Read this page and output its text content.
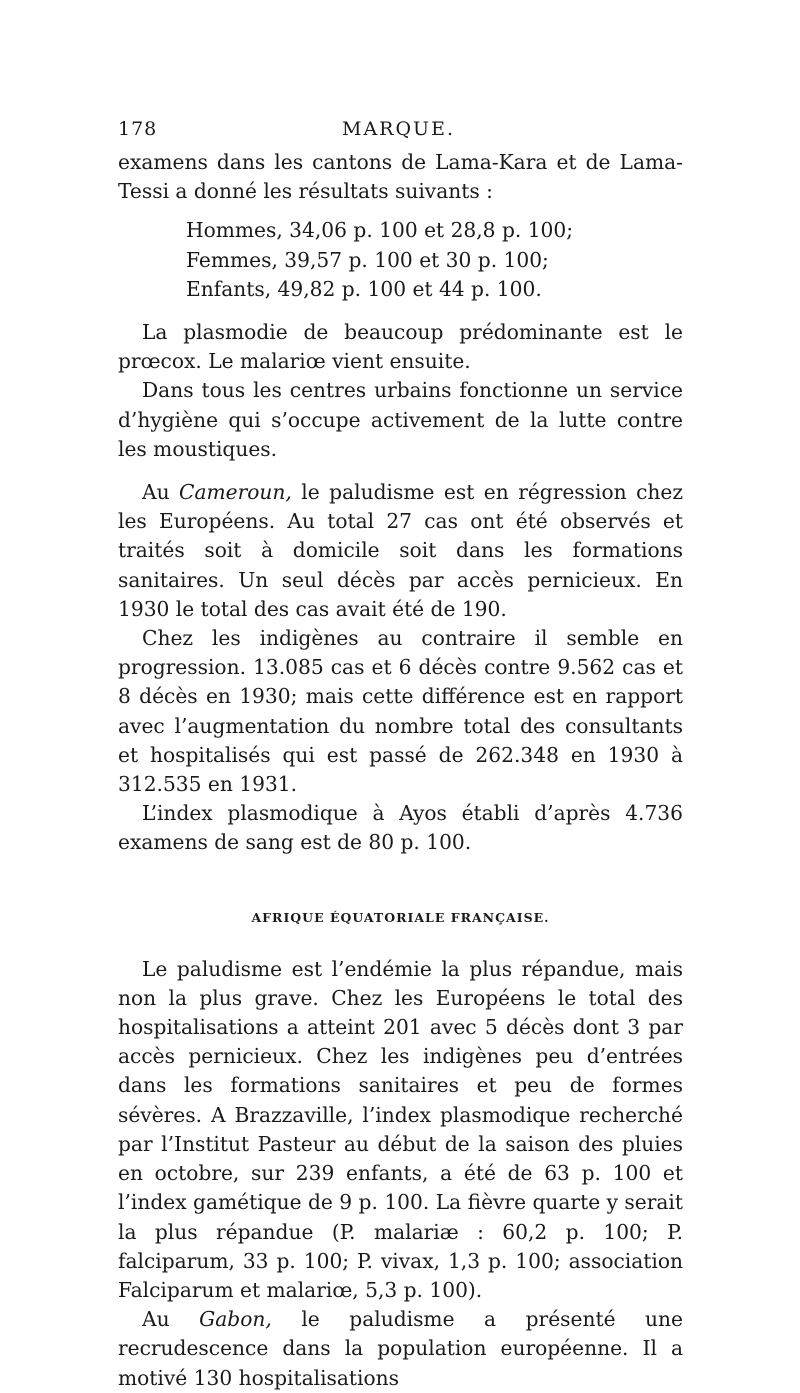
178	MARQUE.

examens dans les cantons de Lama-Kara et de Lama-Tessi a donné les résultats suivants :

Hommes, 34,06 p. 100 et 28,8 p. 100;
Femmes, 39,57 p. 100 et 30 p. 100;
Enfants, 49,82 p. 100 et 44 p. 100.

La plasmodie de beaucoup prédominante est le prœcox. Le malariœ vient ensuite.

Dans tous les centres urbains fonctionne un service d’hygiène qui s’occupe activement de la lutte contre les moustiques.

Au Cameroun, le paludisme est en régression chez les Européens. Au total 27 cas ont été observés et traités soit à domicile soit dans les formations sanitaires. Un seul décès par accès pernicieux. En 1930 le total des cas avait été de 190.

Chez les indigènes au contraire il semble en progression. 13.085 cas et 6 décès contre 9.562 cas et 8 décès en 1930; mais cette différence est en rapport avec l’augmentation du nombre total des consultants et hospitalisés qui est passé de 262.348 en 1930 à 312.535 en 1931.

L’index plasmodique à Ayos établi d’après 4.736 examens de sang est de 80 p. 100.

AFRIQUE ÉQUATORIALE FRANÇAISE.

Le paludisme est l’endémie la plus répandue, mais non la plus grave. Chez les Européens le total des hospitalisations a atteint 201 avec 5 décès dont 3 par accès pernicieux. Chez les indigènes peu d’entrées dans les formations sanitaires et peu de formes sévères. A Brazzaville, l’index plasmodique recherché par l’Institut Pasteur au début de la saison des pluies en octobre, sur 239 enfants, a été de 63 p. 100 et l’index gamétique de 9 p. 100. La fièvre quarte y serait la plus répandue (P. malariæ : 60,2 p. 100; P. falciparum, 33 p. 100; P. vivax, 1,3 p. 100; association Falciparum et malariœ, 5,3 p. 100).

Au Gabon, le paludisme a présenté une recrudescence dans la population européenne. Il a motivé 130 hospitalisations
